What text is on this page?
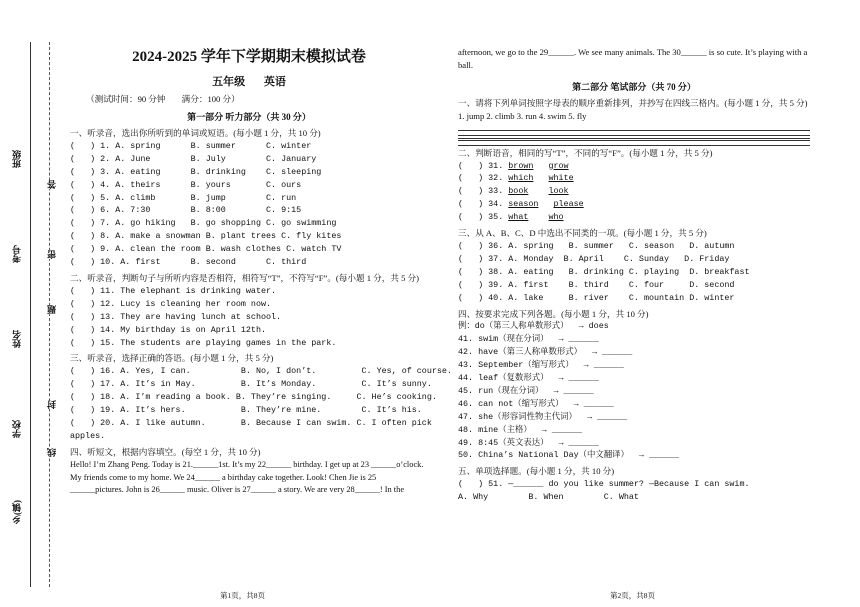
班级
考号
姓名
学校
乡(镇)
答
密
题
封
线
2024-2025 学年下学期期末模拟试卷
五年级 英语
（测试时间：90 分钟 满分：100 分）
第一部分 听力部分（共 30 分）
一、听录音，选出你所听到的单词或短语。(每小题 1 分，共 10 分)
(   ) 1. A. spring      B. summer      C. winter
(   ) 2. A. June        B. July        C. January
(   ) 3. A. eating      B. drinking    C. sleeping
(   ) 4. A. theirs      B. yours       C. ours
(   ) 5. A. climb       B. jump        C. run
(   ) 6. A. 7:30        B. 8:00        C. 9:15
(   ) 7. A. go hiking   B. go shopping C. go swimming
(   ) 8. A. make a snowman B. plant trees C. fly kites
(   ) 9. A. clean the room B. wash clothes C. watch TV
(   ) 10. A. first      B. second      C. third
二、听录音，判断句子与所听内容是否相符，相符写“T”，不符写“F”。(每小题 1 分，共 5 分)
(   ) 11. The elephant is drinking water.
(   ) 12. Lucy is cleaning her room now.
(   ) 13. They are having lunch at school.
(   ) 14. My birthday is on April 12th.
(   ) 15. The students are playing games in the park.
三、听录音，选择正确的答语。(每小题 1 分，共 5 分)
(   ) 16. A. Yes, I can.          B. No, I don’t.         C. Yes, of course.
(   ) 17. A. It’s in May.         B. It’s Monday.         C. It’s sunny.
(   ) 18. A. I’m reading a book. B. They’re singing.     C. He’s cooking.
(   ) 19. A. It’s hers.           B. They’re mine.        C. It’s his.
(   ) 20. A. I like autumn.       B. Because I can swim. C. I often pick
apples.
四、听短文，根据内容填空。(每空 1 分，共 10 分)
Hello! I’m Zhang Peng. Today is 21.______1st. It’s my 22______ birthday. I get up at 23 ______o’clock. My friends come to my home. We 24______ a birthday cake together. Look! Chen Jie is 25 ______pictures. John is 26______ music. Oliver is 27______ a story. We are very 28______! In the
afternoon, we go to the 29______. We see many animals. The 30______ is so cute. It’s playing with a ball.
第二部分 笔试部分（共 70 分）
一、请将下列单词按照字母表的顺序重新排列，并抄写在四线三格内。(每小题 1 分，共 5 分)
1. jump 2. climb 3. run 4. swim 5. fly
二、判断语音，相同的写“T”，不同的写“F”。(每小题 1 分，共 5 分)
(   ) 31. brown grow
(   ) 32. which white
(   ) 33. book look
(   ) 34. season please
(   ) 35. what who
三、从 A、B、C、D 中选出不同类的一项。(每小题 1 分，共 5 分)
(   ) 36. A. spring   B. summer   C. season   D. autumn
(   ) 37. A. Monday  B. April    C. Sunday   D. Friday
(   ) 38. A. eating   B. drinking C. playing  D. breakfast
(   ) 39. A. first    B. third    C. four     D. second
(   ) 40. A. lake     B. river    C. mountain D. winter
四、按要求完成下列各题。(每小题 1 分，共 10 分)
例：do（第三人称单数形式）  → does
41. swim（现在分词）  → ______
42. have（第三人称单数形式）  → ______
43. September（缩写形式）  → ______
44. leaf（复数形式）  → ______
45. run（现在分词）  → ______
46. can not（缩写形式）  → ______
47. she（形容词性物主代词）  → ______
48. mine（主格）  → ______
49. 8:45（英文表达）  → ______
50. China’s National Day（中文翻译）  → ______
五、单项选择题。(每小题 1 分，共 10 分)
(   ) 51. —______ do you like summer? —Because I can swim.
A. Why        B. When        C. What
第1页，共8页	第2页，共8页
